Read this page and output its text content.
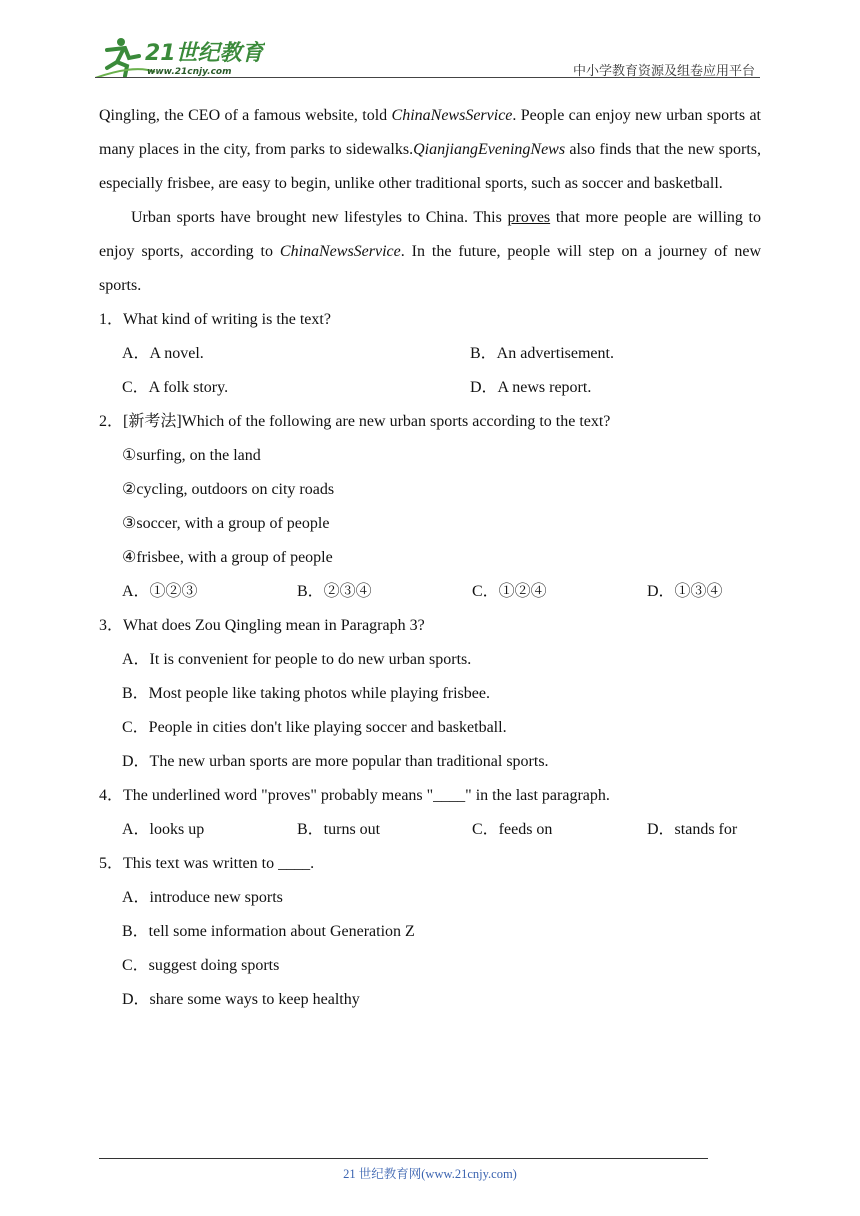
21世纪教育
www.21cnjy.com	中小学教育资源及组卷应用平台

Qingling, the CEO of a famous website, told ChinaNewsService. People can enjoy new urban sports at many places in the city, from parks to sidewalks.QianjiangEveningNews also finds that the new sports, especially frisbee, are easy to begin, unlike other traditional sports, such as soccer and basketball.

Urban sports have brought new lifestyles to China. This proves that more people are willing to enjoy sports, according to ChinaNewsService. In the future, people will step on a journey of new sports.

1．What kind of writing is the text?

A．A novel.	B．An advertisement.
C．A folk story.	D．A news report.

2．[新考法]Which of the following are new urban sports according to the text?

①surfing, on the land
②cycling, outdoors on city roads
③soccer, with a group of people
④frisbee, with a group of people
A．①②③	B．②③④	C．①②④	D．①③④

3．What does Zou Qingling mean in Paragraph 3?

A．It is convenient for people to do new urban sports.
B．Most people like taking photos while playing frisbee.
C．People in cities don't like playing soccer and basketball.
D．The new urban sports are more popular than traditional sports.

4．The underlined word "proves" probably means "____" in the last paragraph.

A．looks up	B．turns out	C．feeds on	D．stands for

5．This text was written to ____.

A．introduce new sports
B．tell some information about Generation Z
C．suggest doing sports
D．share some ways to keep healthy
21 世纪教育网(www.21cnjy.com)
